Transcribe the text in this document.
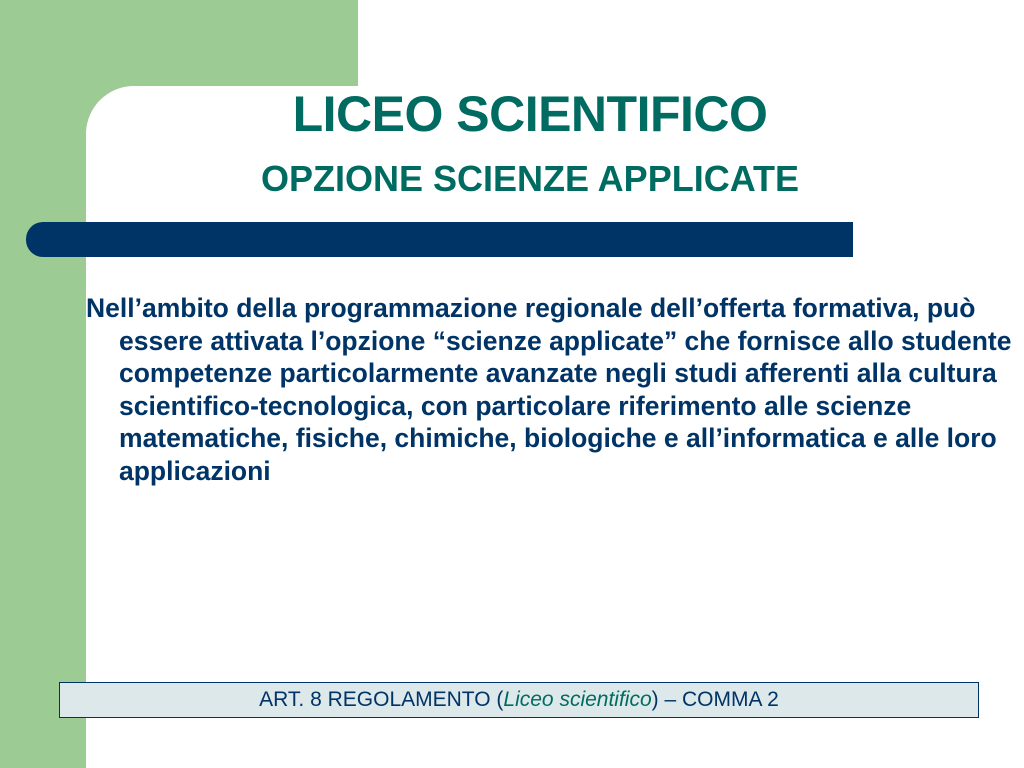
LICEO SCIENTIFICO
OPZIONE SCIENZE APPLICATE

Nell’ambito della programmazione regionale dell’offerta formativa, può essere attivata l’opzione “scienze applicate” che fornisce allo studente competenze particolarmente avanzate negli studi afferenti alla cultura scientifico-tecnologica, con particolare riferimento alle scienze matematiche, fisiche, chimiche, biologiche e all’informatica e alle loro applicazioni

ART. 8 REGOLAMENTO (Liceo scientifico) – COMMA 2
